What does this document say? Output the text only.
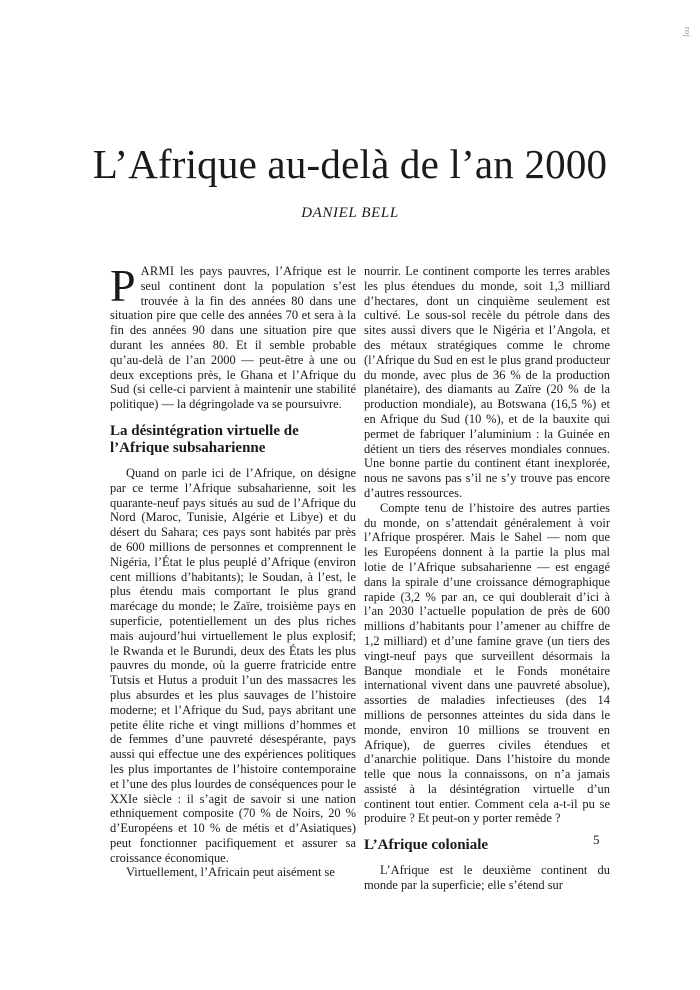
roj
L’Afrique au-delà de l’an 2000
DANIEL BELL

PARMI les pays pauvres, l’Afrique est le seul continent dont la population s’est trouvée à la fin des années 80 dans une situation pire que celle des années 70 et sera à la fin des années 90 dans une situation pire que durant les années 80. Et il semble probable qu’au-delà de l’an 2000 — peut-être à une ou deux exceptions près, le Ghana et l’Afrique du Sud (si celle-ci parvient à maintenir une stabilité politique) — la dégringolade va se poursuivre.

La désintégration virtuelle de l’Afrique subsaharienne

Quand on parle ici de l’Afrique, on désigne par ce terme l’Afrique subsaharienne, soit les quarante-neuf pays situés au sud de l’Afrique du Nord (Maroc, Tunisie, Algérie et Libye) et du désert du Sahara; ces pays sont habités par près de 600 millions de personnes et comprennent le Nigéria, l’État le plus peuplé d’Afrique (environ cent millions d’habitants); le Soudan, à l’est, le plus étendu mais comportant le plus grand marécage du monde; le Zaïre, troisième pays en superficie, potentiellement un des plus riches mais aujourd’hui virtuellement le plus explosif; le Rwanda et le Burundi, deux des États les plus pauvres du monde, où la guerre fratricide entre Tutsis et Hutus a produit l’un des massacres les plus absurdes et les plus sauvages de l’histoire moderne; et l’Afrique du Sud, pays abritant une petite élite riche et vingt millions d’hommes et de femmes d’une pauvreté désespérante, pays aussi qui effectue une des expériences politiques les plus importantes de l’histoire contemporaine et l’une des plus lourdes de conséquences pour le XXIe siècle : il s’agit de savoir si une nation ethniquement composite (70 % de Noirs, 20 % d’Européens et 10 % de métis et d’Asiatiques) peut fonctionner pacifiquement et assurer sa croissance économique.

Virtuellement, l’Africain peut aisément se

nourrir. Le continent comporte les terres arables les plus étendues du monde, soit 1,3 milliard d’hectares, dont un cinquième seulement est cultivé. Le sous-sol recèle du pétrole dans des sites aussi divers que le Nigéria et l’Angola, et des métaux stratégiques comme le chrome (l’Afrique du Sud en est le plus grand producteur du monde, avec plus de 36 % de la production planétaire), des diamants au Zaïre (20 % de la production mondiale), au Botswana (16,5 %) et en Afrique du Sud (10 %), et de la bauxite qui permet de fabriquer l’aluminium : la Guinée en détient un tiers des réserves mondiales connues. Une bonne partie du continent étant inexplorée, nous ne savons pas s’il ne s’y trouve pas encore d’autres ressources.

Compte tenu de l’histoire des autres parties du monde, on s’attendait généralement à voir l’Afrique prospérer. Mais le Sahel — nom que les Européens donnent à la partie la plus mal lotie de l’Afrique subsaharienne — est engagé dans la spirale d’une croissance démographique rapide (3,2 % par an, ce qui doublerait d’ici à l’an 2030 l’actuelle population de près de 600 millions d’habitants pour l’amener au chiffre de 1,2 milliard) et d’une famine grave (un tiers des vingt-neuf pays que surveillent désormais la Banque mondiale et le Fonds monétaire international vivent dans une pauvreté absolue), assorties de maladies infectieuses (des 14 millions de personnes atteintes du sida dans le monde, environ 10 millions se trouvent en Afrique), de guerres civiles étendues et d’anarchie politique. Dans l’histoire du monde telle que nous la connaissons, on n’a jamais assisté à la désintégration virtuelle d’un continent tout entier. Comment cela a-t-il pu se produire ? Et peut-on y porter remède ?

L’Afrique coloniale

L’Afrique est le deuxième continent du monde par la superficie; elle s’étend sur

5
